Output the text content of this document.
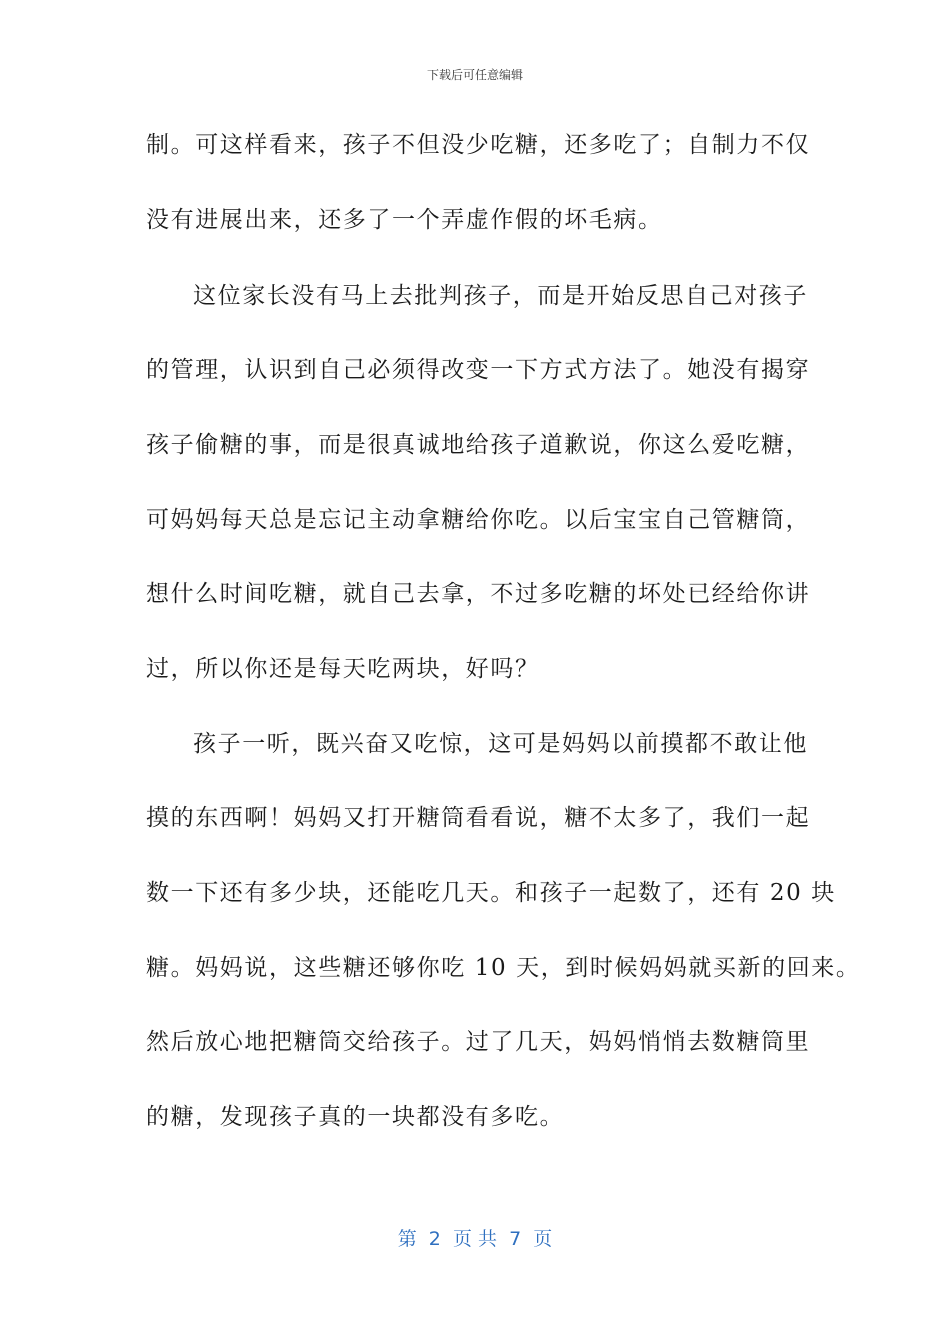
下载后可任意编辑
制。可这样看来，孩子不但没少吃糖，还多吃了；自制力不仅
没有进展出来，还多了一个弄虚作假的坏毛病。
这位家长没有马上去批判孩子，而是开始反思自己对孩子
的管理，认识到自己必须得改变一下方式方法了。她没有揭穿
孩子偷糖的事，而是很真诚地给孩子道歉说，你这么爱吃糖，
可妈妈每天总是忘记主动拿糖给你吃。以后宝宝自己管糖筒，
想什么时间吃糖，就自己去拿，不过多吃糖的坏处已经给你讲
过，所以你还是每天吃两块，好吗？
孩子一听，既兴奋又吃惊，这可是妈妈以前摸都不敢让他
摸的东西啊！妈妈又打开糖筒看看说，糖不太多了，我们一起
数一下还有多少块，还能吃几天。和孩子一起数了，还有 20 块
糖。妈妈说，这些糖还够你吃 10 天，到时候妈妈就买新的回来。
然后放心地把糖筒交给孩子。过了几天，妈妈悄悄去数糖筒里
的糖，发现孩子真的一块都没有多吃。
第  2  页 共  7  页
